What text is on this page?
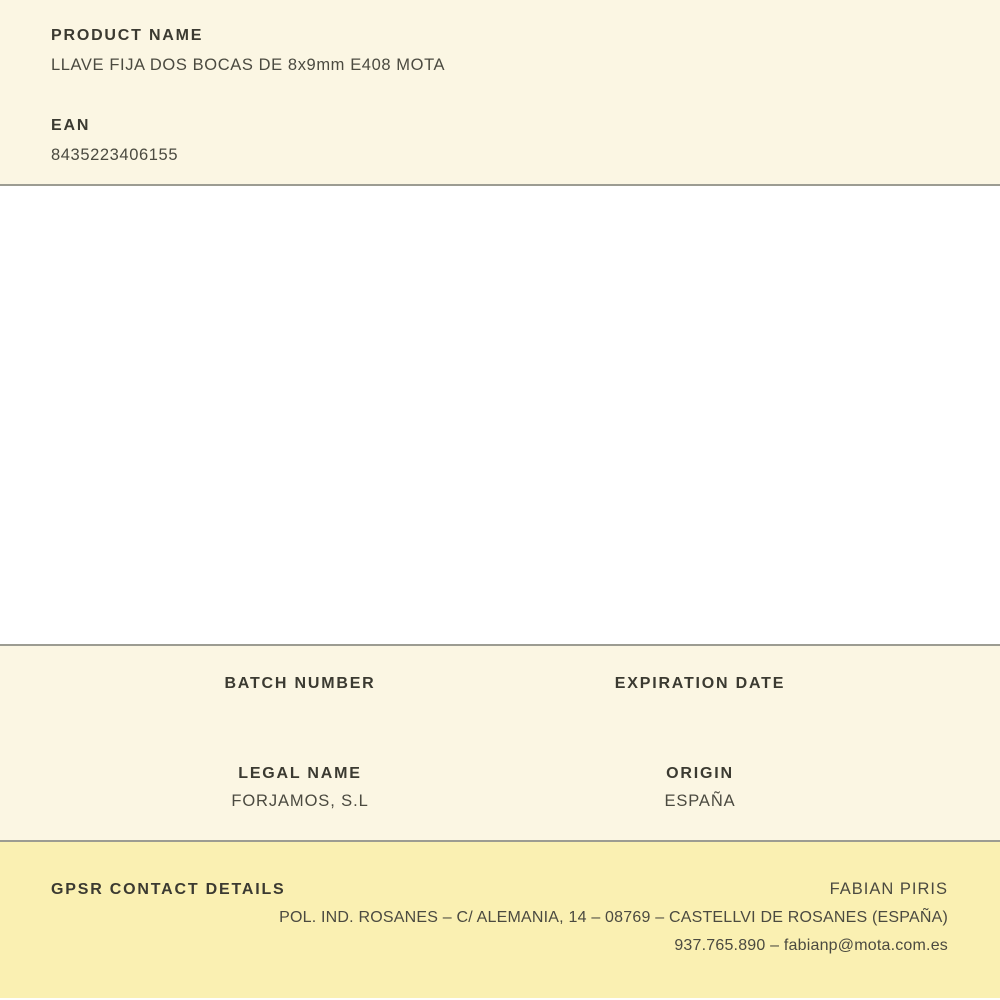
PRODUCT NAME
LLAVE FIJA DOS BOCAS DE 8x9mm E408 MOTA
EAN
8435223406155
BATCH NUMBER	EXPIRATION DATE
LEGAL NAME
FORJAMOS, S.L
ORIGIN
ESPAÑA
GPSR CONTACT DETAILS	FABIAN PIRIS
POL. IND. ROSANES – C/ ALEMANIA, 14 – 08769 – CASTELLVI DE ROSANES (ESPAÑA)
937.765.890 – fabianp@mota.com.es
